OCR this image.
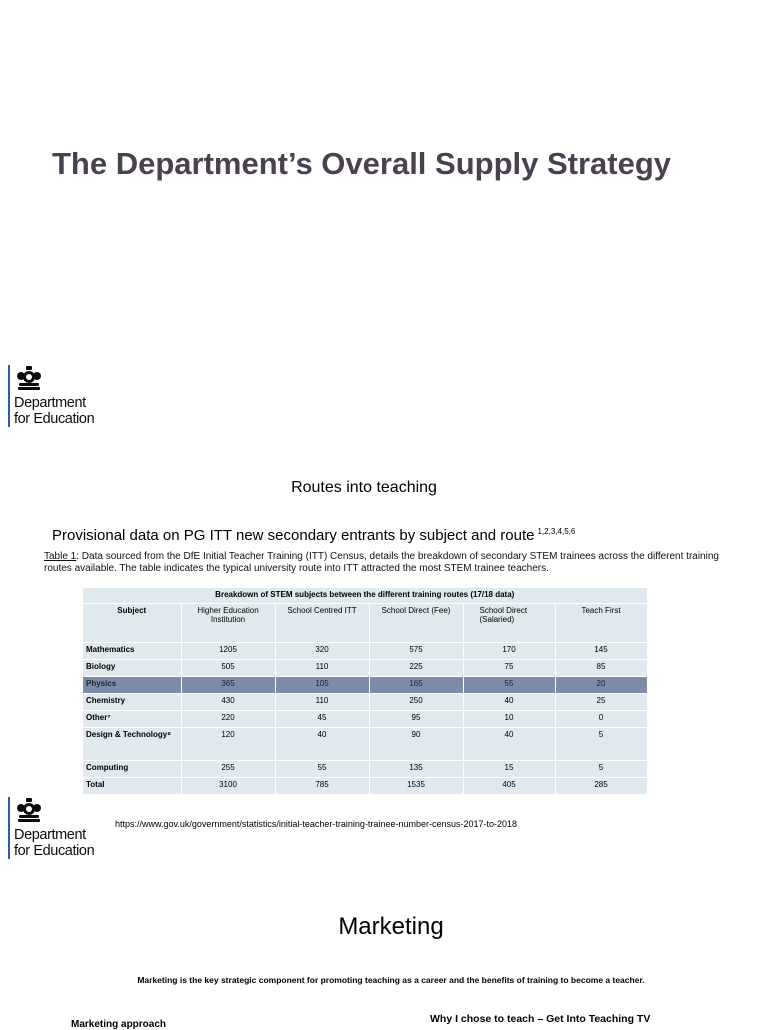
The Department’s Overall Supply Strategy
Department
for Education
Routes into teaching
Provisional data on PG ITT new secondary entrants by subject and route $^{1,2,3,4,5,6}$
Table 1: Data sourced from the DfE Initial Teacher Training (ITT) Census, details the breakdown of secondary STEM trainees across the different training routes available. The table indicates the typical university route into ITT attracted the most STEM trainee teachers.
Breakdown of STEM subjects between the different training routes (17/18 data)					
Subject	Higher Education Institution	School Centred ITT	School Direct (Fee)	School Direct (Salaried)	Teach First
Mathematics	1205	320	575	170	145
Biology	505	110	225	75	85
Physics	365	105	165	55	20
Chemistry	430	110	250	40	25
Other⁷	220	45	95	10	0
Design & Technology⁸	120	40	90	40	5
Computing	255	55	135	15	5
Total	3100	785	1535	405	285
Department
for Education
https://www.gov.uk/government/statistics/initial-teacher-training-trainee-number-census-2017-to-2018
Marketing
Marketing is the key strategic component for promoting teaching as a career and the benefits of training to become a teacher.
Marketing approach	Why I chose to teach – Get Into Teaching TV
